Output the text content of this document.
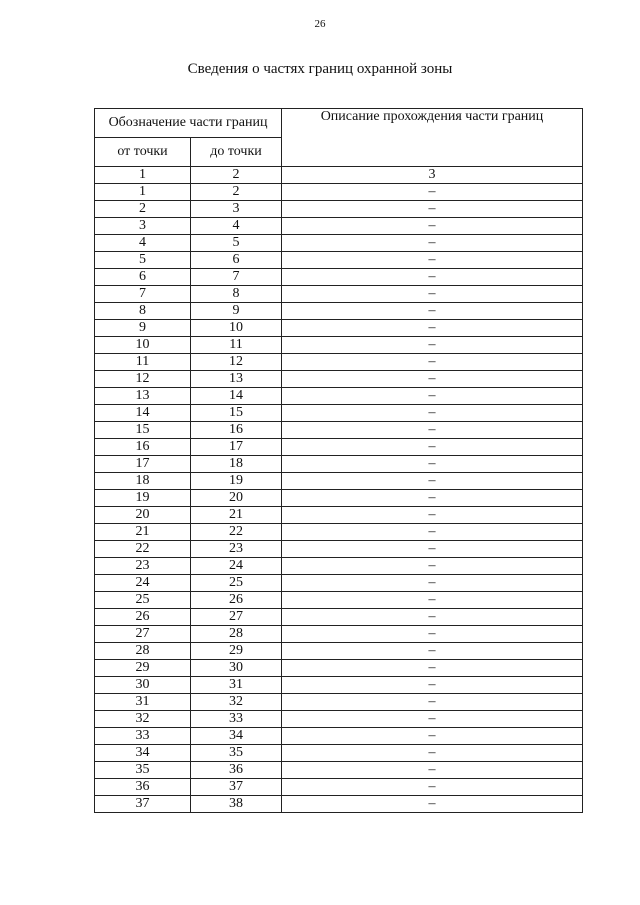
26
Сведения о частях границ охранной зоны
Обозначение части границ		Описание прохождения части границ
от точки	до точки	
1	2	3
1	2	–
2	3	–
3	4	–
4	5	–
5	6	–
6	7	–
7	8	–
8	9	–
9	10	–
10	11	–
11	12	–
12	13	–
13	14	–
14	15	–
15	16	–
16	17	–
17	18	–
18	19	–
19	20	–
20	21	–
21	22	–
22	23	–
23	24	–
24	25	–
25	26	–
26	27	–
27	28	–
28	29	–
29	30	–
30	31	–
31	32	–
32	33	–
33	34	–
34	35	–
35	36	–
36	37	–
37	38	–
